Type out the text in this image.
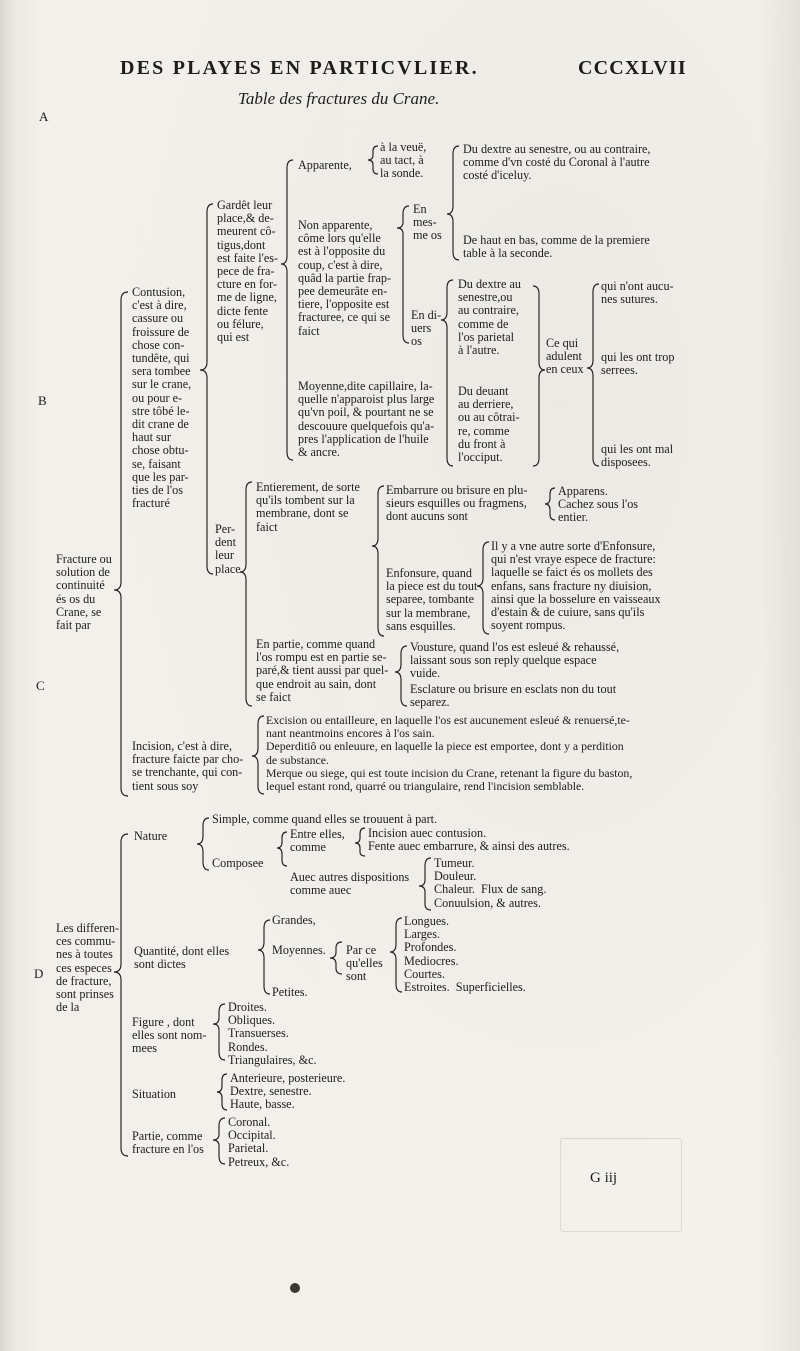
DES PLAYES EN PARTICVLIER.	CCCXLVII
Table des fractures du Crane.
A
B
C
D
Fracture ou
solution de
continuité
és os du
Crane, se
fait par
Les differen-
ces commu-
nes à toutes
ces especes
de fracture,
sont prinses
de la
Contusion,
c'est à dire,
cassure ou
froissure de
chose con-
tundête, qui
sera tombee
sur le crane,
ou pour e-
stre tôbé le-
dit crane de
haut sur
chose obtu-
se, faisant
que les par-
ties de l'os
fracturé
Gardêt leur
place,& de-
meurent cô-
tigus,dont
est faite l'es-
pece de fra-
cture en for-
me de ligne,
dicte fente
ou félure,
qui est
Apparente,
à la veuë,
au tact, à
la sonde.
Du dextre au senestre, ou au contraire,
comme d'vn costé du Coronal à l'autre
costé d'iceluy.
Non apparente,
côme lors qu'elle
est à l'opposite du
coup, c'est à dire,
quâd la partie frap-
pee demeurâte en-
tiere, l'opposite est
fracturee, ce qui se
faict
En
mes-
me os De haut en bas, comme de la premiere
table à la seconde.
En di-
uers
os
Du dextre au
senestre,ou
au contraire,
comme de
l'os parietal
à l'autre.
Du deuant
au derriere,
ou au côtrai-
re, comme
du front à
l'occiput.
Ce qui
adulent
en ceux
qui n'ont aucu-
nes sutures.
qui les ont trop
serrees.
qui les ont mal
disposees.
Moyenne,dite capillaire, la-
quelle n'apparoist plus large
qu'vn poil, & pourtant ne se
descouure quelquefois qu'a-
pres l'application de l'huile
& ancre.
Per-
dent
leur
place
Entierement, de sorte
qu'ils tombent sur la
membrane, dont se
faict
Embarrure ou brisure en plu-
sieurs esquilles ou fragmens,
dont aucuns sont
Apparens.
Cachez sous l'os
entier.
Enfonsure, quand
la piece est du tout
separee, tombante
sur la membrane,
sans esquilles.
Il y a vne autre sorte d'Enfonsure,
qui n'est vraye espece de fracture:
laquelle se faict és os mollets des
enfans, sans fracture ny diuision,
ainsi que la bosselure en vaisseaux
d'estain & de cuiure, sans qu'ils
soyent rompus.
En partie, comme quand
l'os rompu est en partie se-
paré,& tient aussi par quel-
que endroit au sain, dont
se faict
Vousture, quand l'os est esleué & rehaussé,
laissant sous son reply quelque espace
vuide.
Esclature ou brisure en esclats non du tout
separez.
Incision, c'est à dire,
fracture faicte par cho-
se trenchante, qui con-
tient sous soy
Excision ou entailleure, en laquelle l'os est aucunement esleué & renuersé,te-
nant neantmoins encores à l'os sain.
Deperditiô ou enleuure, en laquelle la piece est emportee, dont y a perdition
de substance.
Merque ou siege, qui est toute incision du Crane, retenant la figure du baston,
lequel estant rond, quarré ou triangulaire, rend l'incision semblable.
Nature
Simple, comme quand elles se trouuent à part.
Composee
Entre elles,
comme
Incision auec contusion.
Fente auec embarrure, & ainsi des autres.
Auec autres dispositions
comme auec
Tumeur.
Douleur.
Chaleur.  Flux de sang.
Conuulsion, & autres.
Quantité, dont elles
sont dictes
Grandes,
Moyennes.
Petites.
Par ce
qu'elles
sont
Longues.
Larges.
Profondes.
Mediocres.
Courtes.
Estroites.  Superficielles.
Figure , dont
elles sont nom-
mees
Droites.
Obliques.
Transuerses.
Rondes.
Triangulaires, &c.
Situation
Anterieure, posterieure.
Dextre, senestre.
Haute, basse.
Partie, comme
fracture en l'os
Coronal.
Occipital.
Parietal.
Petreux, &c.
G iij
